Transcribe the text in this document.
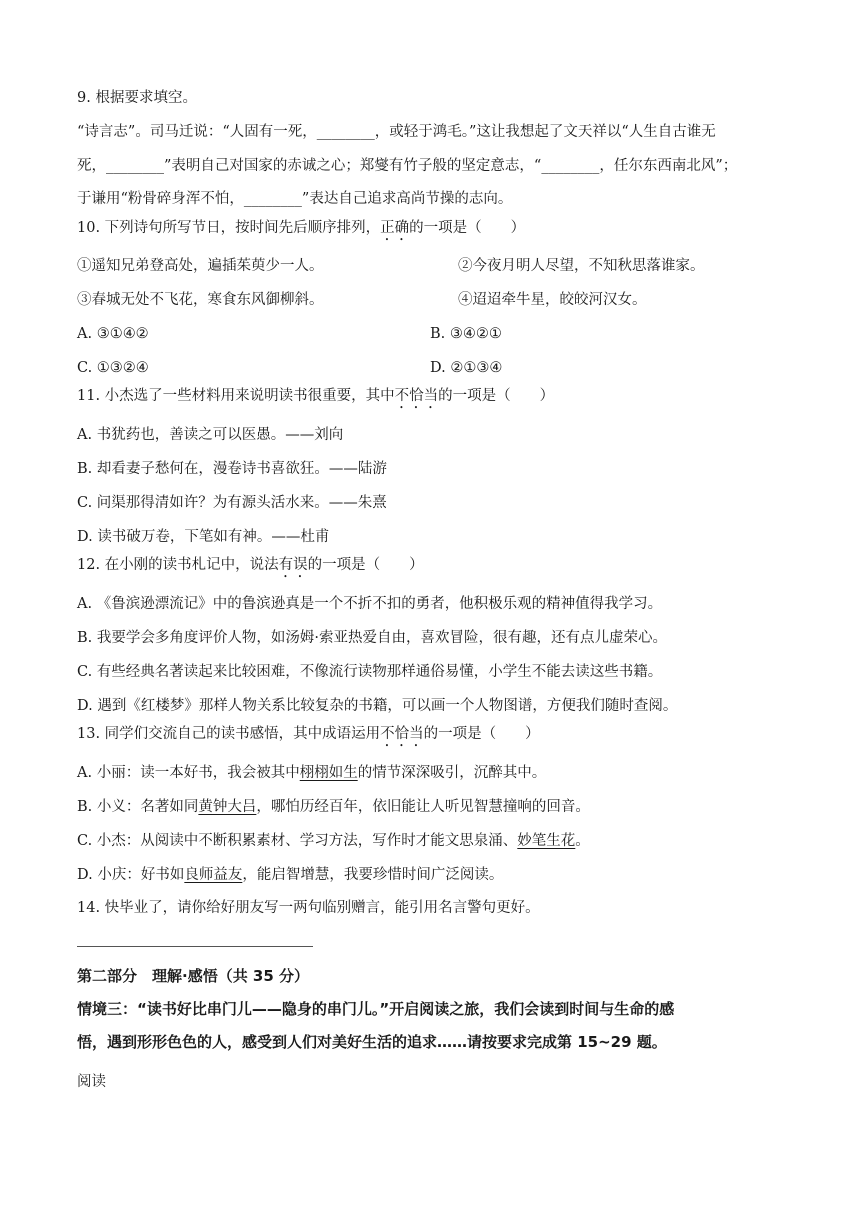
9. 根据要求填空。
“诗言志”。司马迁说：“人固有一死，________，或轻于鸿毛。”这让我想起了文天祥以“人生自古谁无
死，________”表明自己对国家的赤诚之心；郑燮有竹子般的坚定意志，“________，任尔东西南北风”；
于谦用“粉骨碎身浑不怕，________”表达自己追求高尚节操的志向。
10. 下列诗句所写节日，按时间先后顺序排列，正确的一项是（　　）
①遥知兄弟登高处，遍插茱萸少一人。	②今夜月明人尽望，不知秋思落谁家。
③春城无处不飞花，寒食东风御柳斜。	④迢迢牵牛星，皎皎河汉女。
A. ③①④②	B. ③④②①
C. ①③②④	D. ②①③④
11. 小杰选了一些材料用来说明读书很重要，其中不恰当的一项是（　　）
A. 书犹药也，善读之可以医愚。——刘向
B. 却看妻子愁何在，漫卷诗书喜欲狂。——陆游
C. 问渠那得清如许？为有源头活水来。——朱熹
D. 读书破万卷，下笔如有神。——杜甫
12. 在小刚的读书札记中，说法有误的一项是（　　）
A. 《鲁滨逊漂流记》中的鲁滨逊真是一个不折不扣的勇者，他积极乐观的精神值得我学习。
B. 我要学会多角度评价人物，如汤姆·索亚热爱自由，喜欢冒险，很有趣，还有点儿虚荣心。
C. 有些经典名著读起来比较困难，不像流行读物那样通俗易懂，小学生不能去读这些书籍。
D. 遇到《红楼梦》那样人物关系比较复杂的书籍，可以画一个人物图谱，方便我们随时查阅。
13. 同学们交流自己的读书感悟，其中成语运用不恰当的一项是（　　）
A. 小丽：读一本好书，我会被其中栩栩如生的情节深深吸引，沉醉其中。
B. 小义：名著如同黄钟大吕，哪怕历经百年，依旧能让人听见智慧撞响的回音。
C. 小杰：从阅读中不断积累素材、学习方法，写作时才能文思泉涌、妙笔生花。
D. 小庆：好书如良师益友，能启智增慧，我要珍惜时间广泛阅读。
14. 快毕业了，请你给好朋友写一两句临别赠言，能引用名言警句更好。
第二部分　理解·感悟（共 35 分）
情境三：“读书好比串门儿——隐身的串门儿。”开启阅读之旅，我们会读到时间与生命的感
悟，遇到形形色色的人，感受到人们对美好生活的追求……请按要求完成第 15~29 题。
阅读
